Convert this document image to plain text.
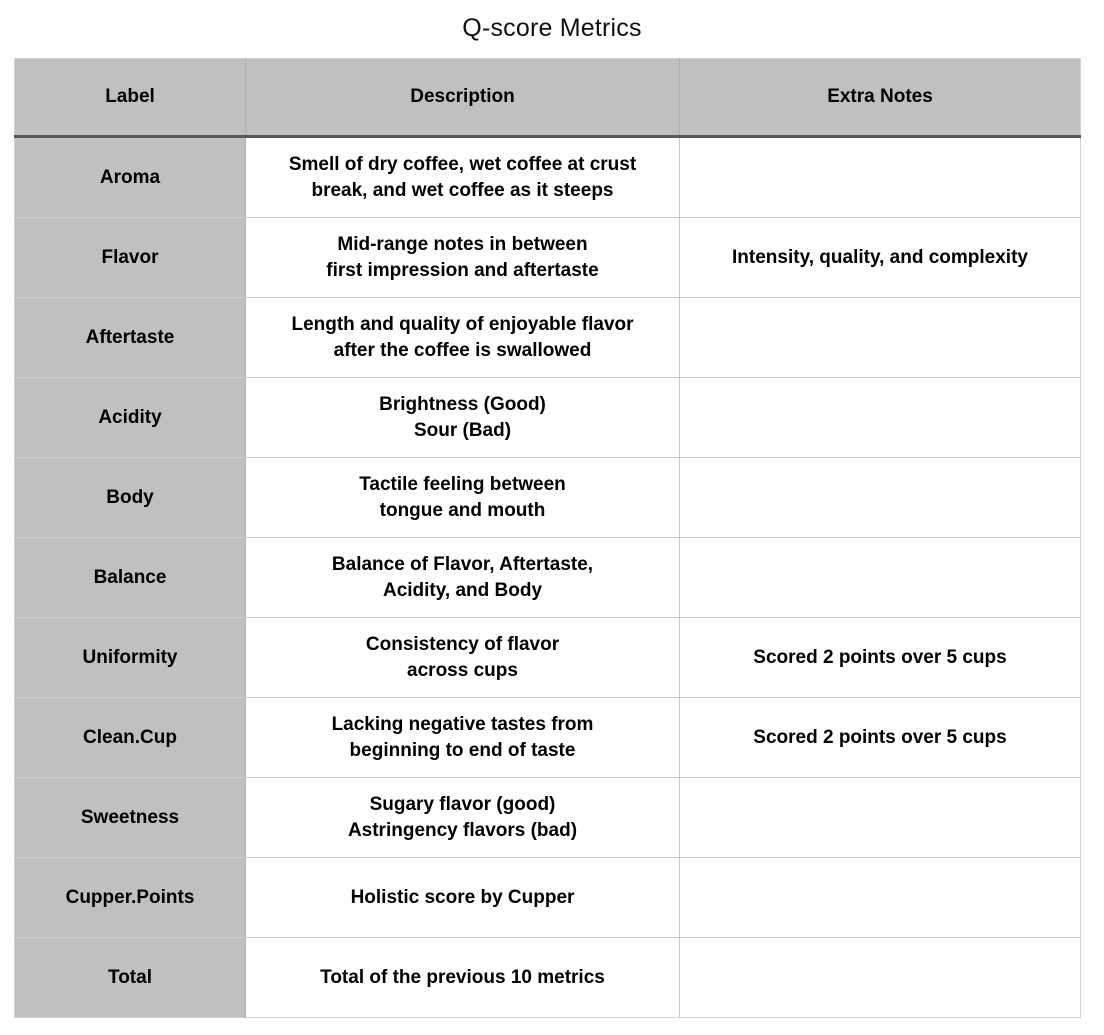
Q-score Metrics
Label	Description	Extra Notes
Aroma	Smell of dry coffee, wet coffee at crust
break, and wet coffee as it steeps	

Flavor	Mid-range notes in between
first impression and aftertaste	Intensity, quality, and complexity
Aftertaste	Length and quality of enjoyable flavor
after the coffee is swallowed	

Acidity	Brightness (Good)
Sour (Bad)	

Body	Tactile feeling between
tongue and mouth	

Balance	Balance of Flavor, Aftertaste,
Acidity, and Body	

Uniformity	Consistency of flavor
across cups	Scored 2 points over 5 cups
Clean.Cup	Lacking negative tastes from
beginning to end of taste	Scored 2 points over 5 cups
Sweetness	Sugary flavor (good)
Astringency flavors (bad)	

Cupper.Points	Holistic score by Cupper	

Total	Total of the previous 10 metrics	
